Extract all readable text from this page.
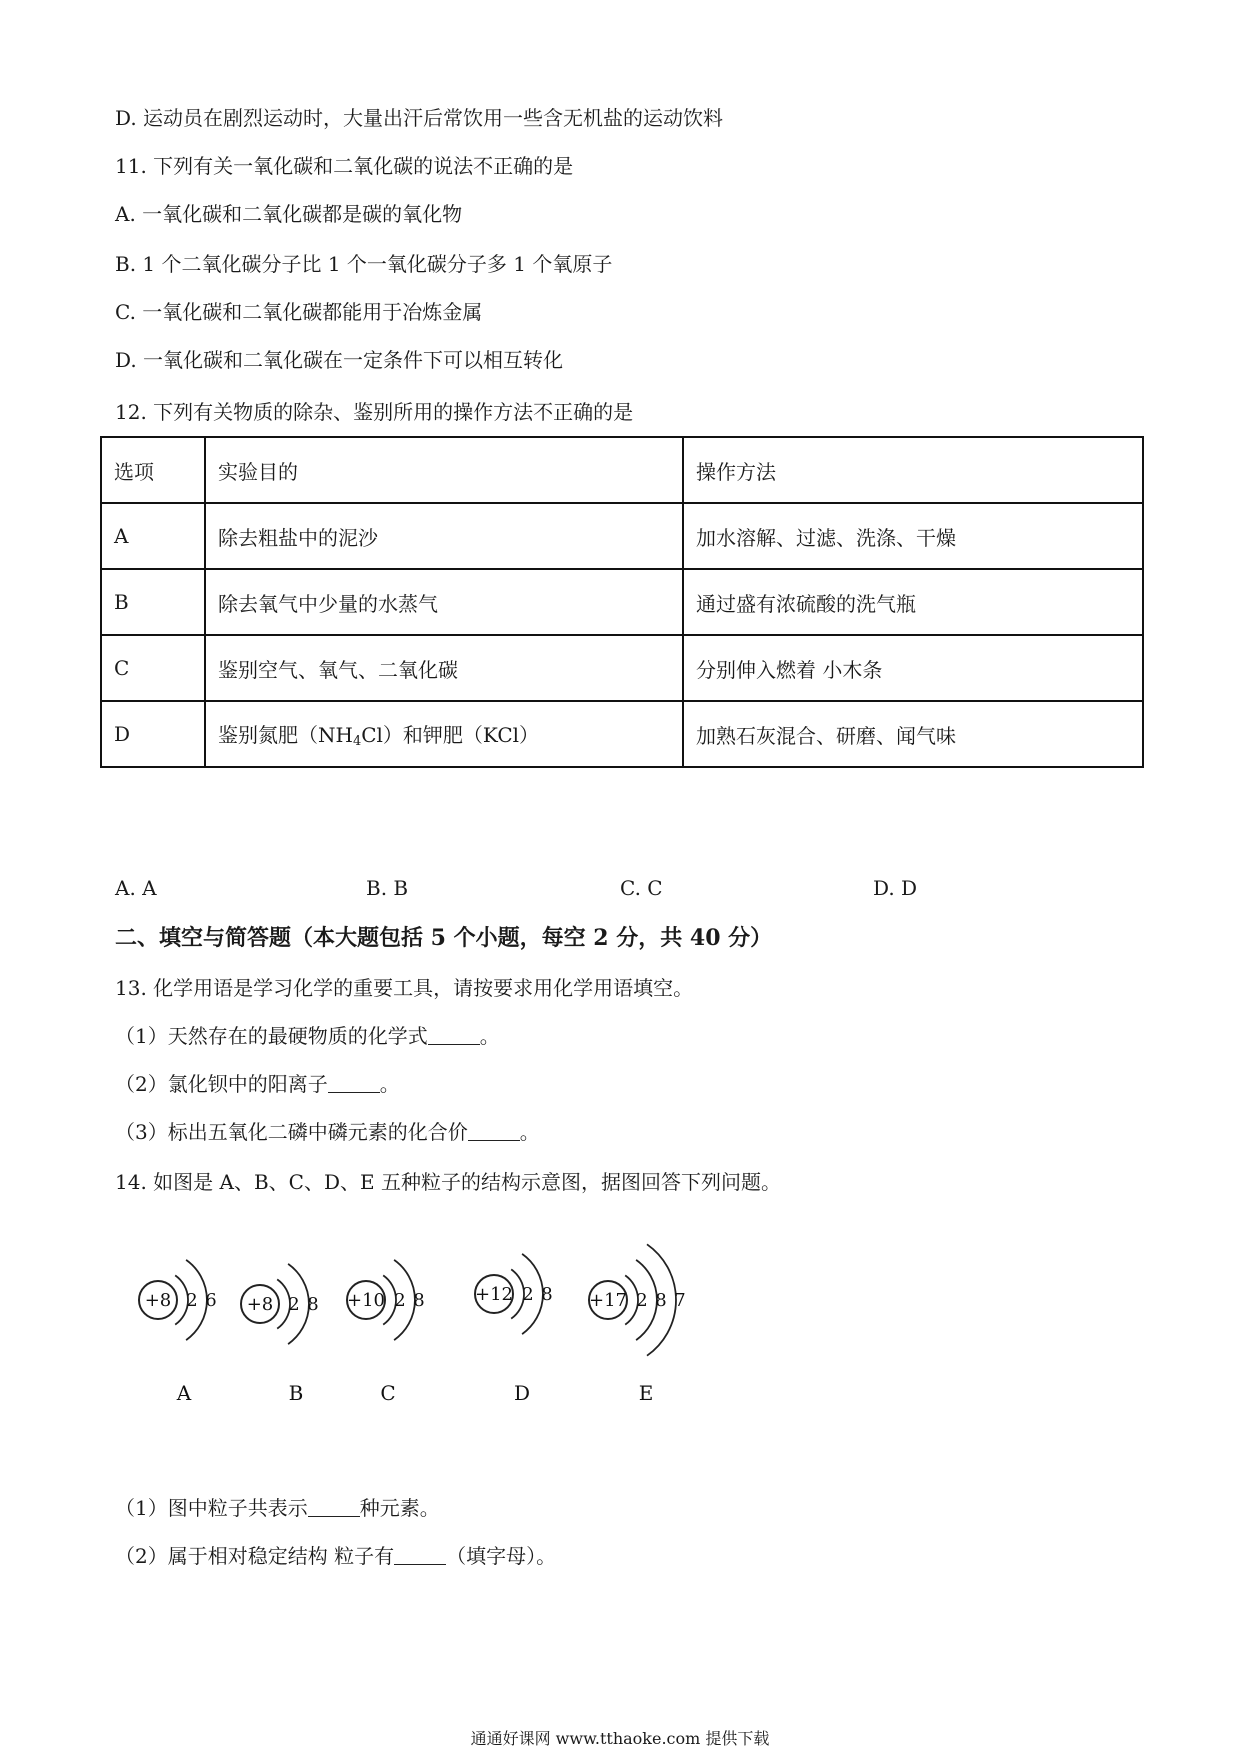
D. 运动员在剧烈运动时，大量出汗后常饮用一些含无机盐的运动饮料
11. 下列有关一氧化碳和二氧化碳的说法不正确的是
A. 一氧化碳和二氧化碳都是碳的氧化物
B. 1 个二氧化碳分子比 1 个一氧化碳分子多 1 个氧原子
C. 一氧化碳和二氧化碳都能用于冶炼金属
D. 一氧化碳和二氧化碳在一定条件下可以相互转化
12. 下列有关物质的除杂、鉴别所用的操作方法不正确的是
选项	实验目的	操作方法
A	除去粗盐中的泥沙	加水溶解、过滤、洗涤、干燥
B	除去氧气中少量的水蒸气	通过盛有浓硫酸的洗气瓶
C	鉴别空气、氧气、二氧化碳	分别伸入燃着 小木条
D	鉴别氮肥$(NH_4Cl)$和钾肥（KCl）	加熟石灰混合、研磨、闻气味
A. A	B. B	C. C	D. D
二、填空与简答题（本大题包括 5 个小题，每空 2 分，共 40 分）
13. 化学用语是学习化学的重要工具，请按要求用化学用语填空。
（1）天然存在的最硬物质的化学式	。
（2）氯化钡中的阳离子	。
（3）标出五氧化二磷中磷元素的化合价	。
14. 如图是 A、B、C、D、E 五种粒子的结构示意图，据图回答下列问题。
+8 2 6
A
+8 2 8
B
+10 2 8
C
+12 2 8
D
+17 2 8 7
E
（1）图中粒子共表示	种元素。
（2）属于相对稳定结构 粒子有	（填字母）。
通通好课网 www.tthaoke.com 提供下载
